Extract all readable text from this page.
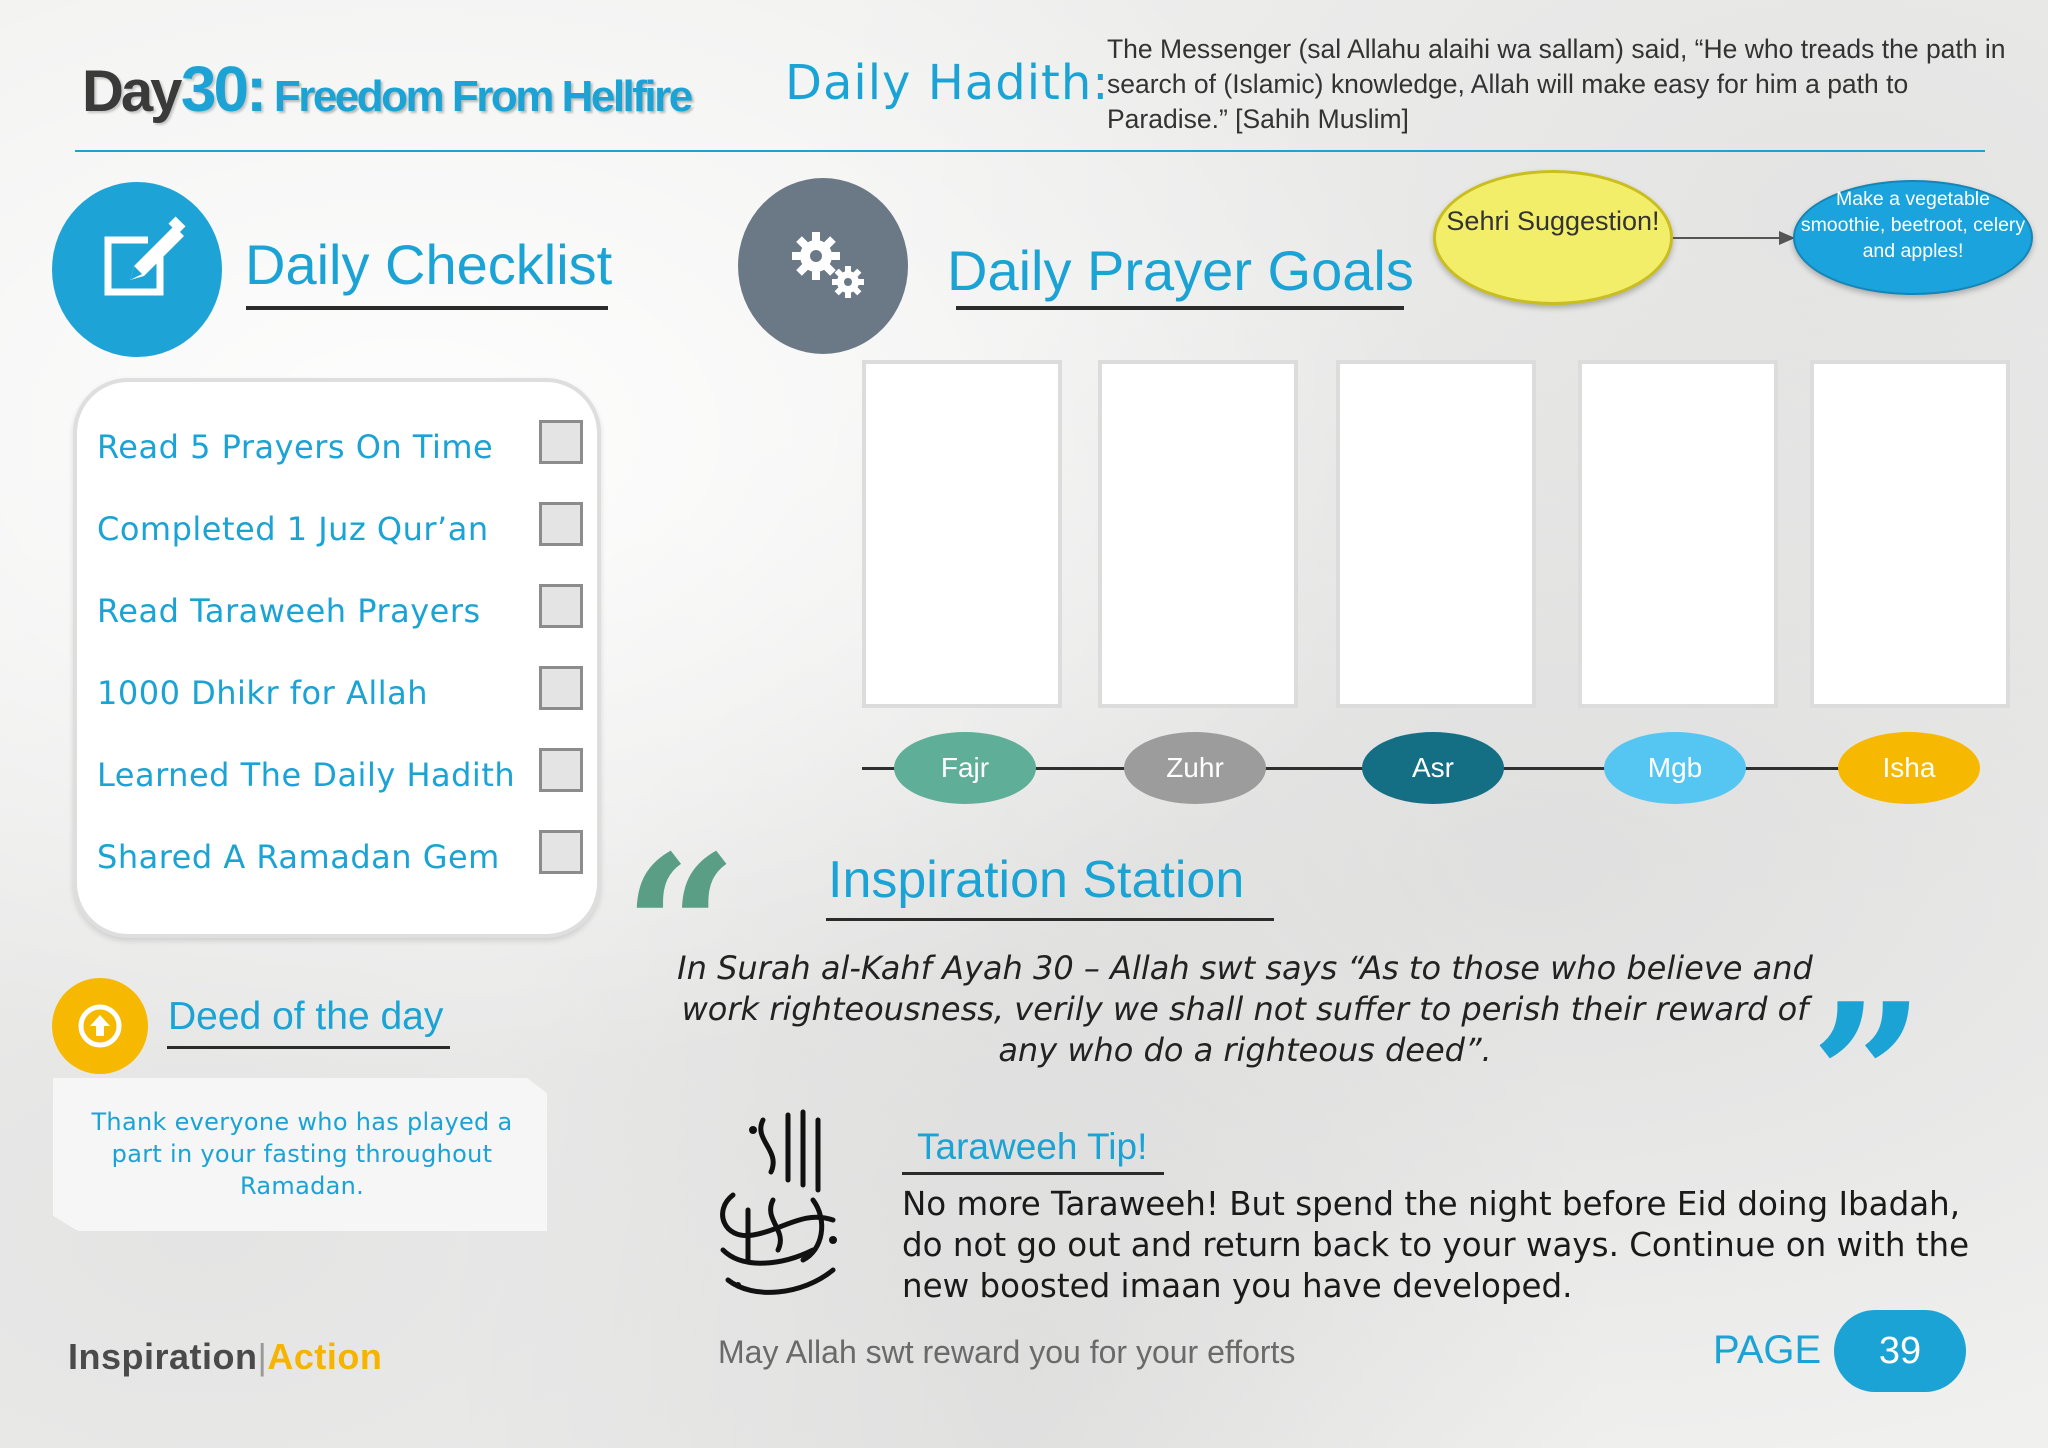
Day 30: Freedom From Hellfire Daily Hadith:
The Messenger (sal Allahu alaihi wa sallam) said, “He who treads the path in search of (Islamic) knowledge, Allah will make easy for him a path to Paradise.” [Sahih Muslim]
Daily Checklist
Read 5 Prayers On Time
Completed 1 Juz Qur’an
Read Taraweeh Prayers
1000 Dhikr for Allah
Learned The Daily Hadith
Shared A Ramadan Gem
Deed of the day
Thank everyone who has played a part in your fasting throughout Ramadan.
Daily Prayer Goals
Fajr	Zuhr	Asr	Mgb	Isha
Sehri Suggestion!
Make a vegetable smoothie, beetroot, celery and apples!
“
”
Inspiration Station
In Surah al-Kahf Ayah 30 – Allah swt says “As to those who believe and work righteousness, verily we shall not suffer to perish their reward of any who do a righteous deed”.
Taraweeh Tip!
No more Taraweeh! But spend the night before Eid doing Ibadah, do not go out and return back to your ways. Continue on with the new boosted imaan you have developed.
Inspiration|Action	May Allah swt reward you for your efforts	PAGE	39
